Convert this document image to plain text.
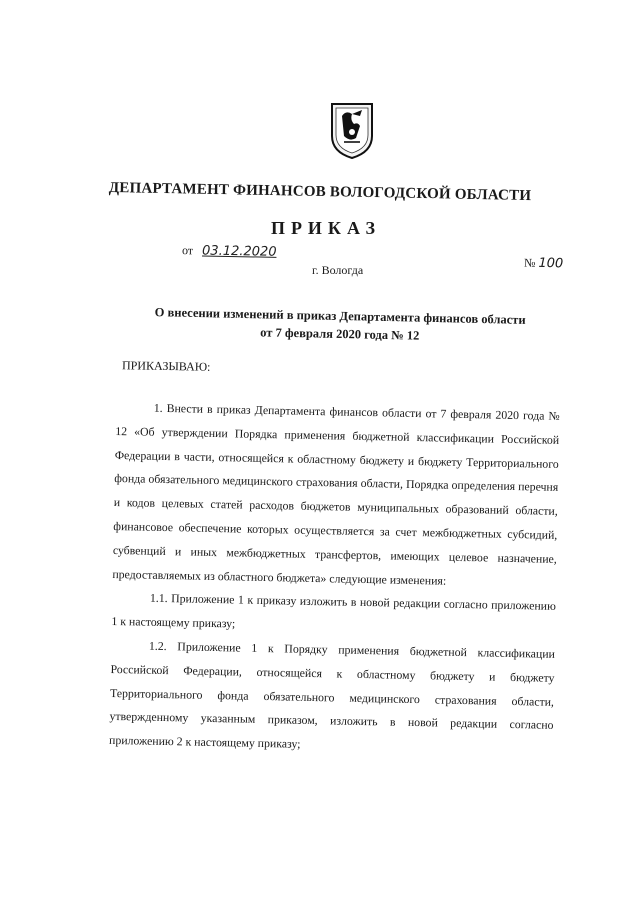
ДЕПАРТАМЕНТ ФИНАНСОВ ВОЛОГОДСКОЙ ОБЛАСТИ
ПРИКАЗ
от 03.12.2020
№ 100
г. Вологда
О внесении изменений в приказ Департамента финансов области
от 7 февраля 2020 года № 12
ПРИКАЗЫВАЮ:

1. Внести в приказ Департамента финансов области от 7 февраля 2020 года № 12 «Об утверждении Порядка применения бюджетной классификации Российской Федерации в части, относящейся к областному бюджету и бюджету Территориального фонда обязательного медицинского страхования области, Порядка определения перечня и кодов целевых статей расходов бюджетов муниципальных образований области, финансовое обеспечение которых осуществляется за счет межбюджетных субсидий, субвенций и иных межбюджетных трансфертов, имеющих целевое назначение, предоставляемых из областного бюджета» следующие изменения:

1.1. Приложение 1 к приказу изложить в новой редакции согласно приложению 1 к настоящему приказу;

1.2. Приложение 1 к Порядку применения бюджетной классификации Российской Федерации, относящейся к областному бюджету и бюджету Территориального фонда обязательного медицинского страхования области, утвержденному указанным приказом, изложить в новой редакции согласно приложению 2 к настоящему приказу;
